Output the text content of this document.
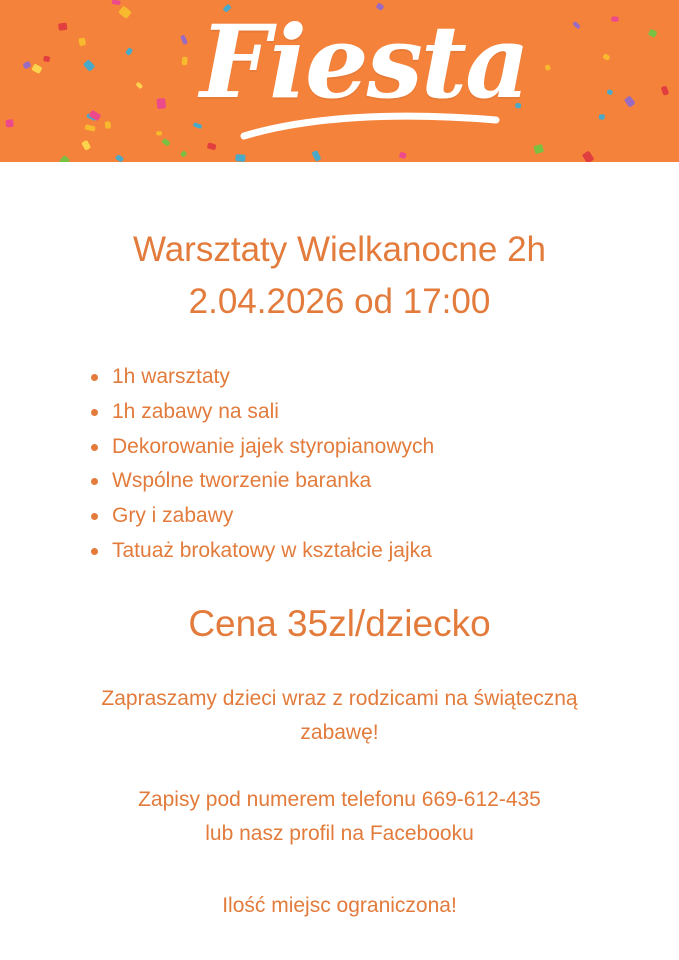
Fiesta
Warsztaty Wielkanocne 2h
2.04.2026 od 17:00
1h warsztaty
1h zabawy na sali
Dekorowanie jajek styropianowych
Wspólne tworzenie baranka
Gry i zabawy
Tatuaż brokatowy w kształcie jajka
Cena 35zl/dziecko

Zapraszamy dzieci wraz z rodzicami na świąteczną
zabawę!

Zapisy pod numerem telefonu 669-612-435
lub nasz profil na Facebooku

Ilość miejsc ograniczona!
